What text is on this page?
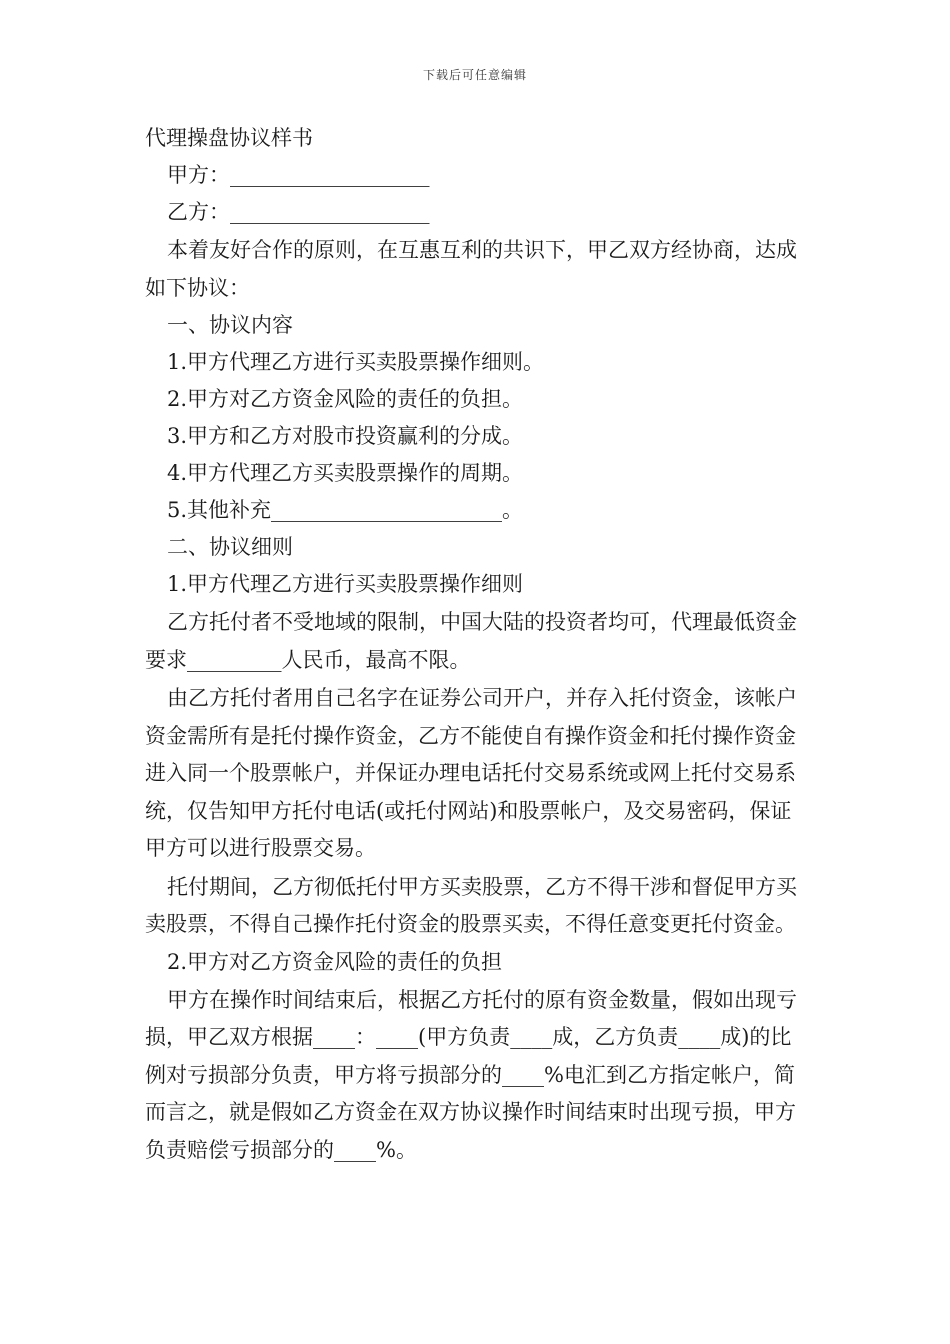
下载后可任意编辑
代理操盘协议样书
甲方：___________________
乙方：___________________
本着友好合作的原则，在互惠互利的共识下，甲乙双方经协商，达成如下协议：
一、协议内容
1.甲方代理乙方进行买卖股票操作细则。
2.甲方对乙方资金风险的责任的负担。
3.甲方和乙方对股市投资赢利的分成。
4.甲方代理乙方买卖股票操作的周期。
5.其他补充______________________。
二、协议细则
1.甲方代理乙方进行买卖股票操作细则
乙方托付者不受地域的限制，中国大陆的投资者均可，代理最低资金要求_________人民币，最高不限。
由乙方托付者用自己名字在证券公司开户，并存入托付资金，该帐户资金需所有是托付操作资金，乙方不能使自有操作资金和托付操作资金进入同一个股票帐户，并保证办理电话托付交易系统或网上托付交易系统，仅告知甲方托付电话(或托付网站)和股票帐户，及交易密码，保证甲方可以进行股票交易。
托付期间，乙方彻低托付甲方买卖股票，乙方不得干涉和督促甲方买卖股票，不得自己操作托付资金的股票买卖，不得任意变更托付资金。
2.甲方对乙方资金风险的责任的负担
甲方在操作时间结束后，根据乙方托付的原有资金数量，假如出现亏损，甲乙双方根据____：____(甲方负责____成，乙方负责____成)的比例对亏损部分负责，甲方将亏损部分的____%电汇到乙方指定帐户，简而言之，就是假如乙方资金在双方协议操作时间结束时出现亏损，甲方负责赔偿亏损部分的____%。
